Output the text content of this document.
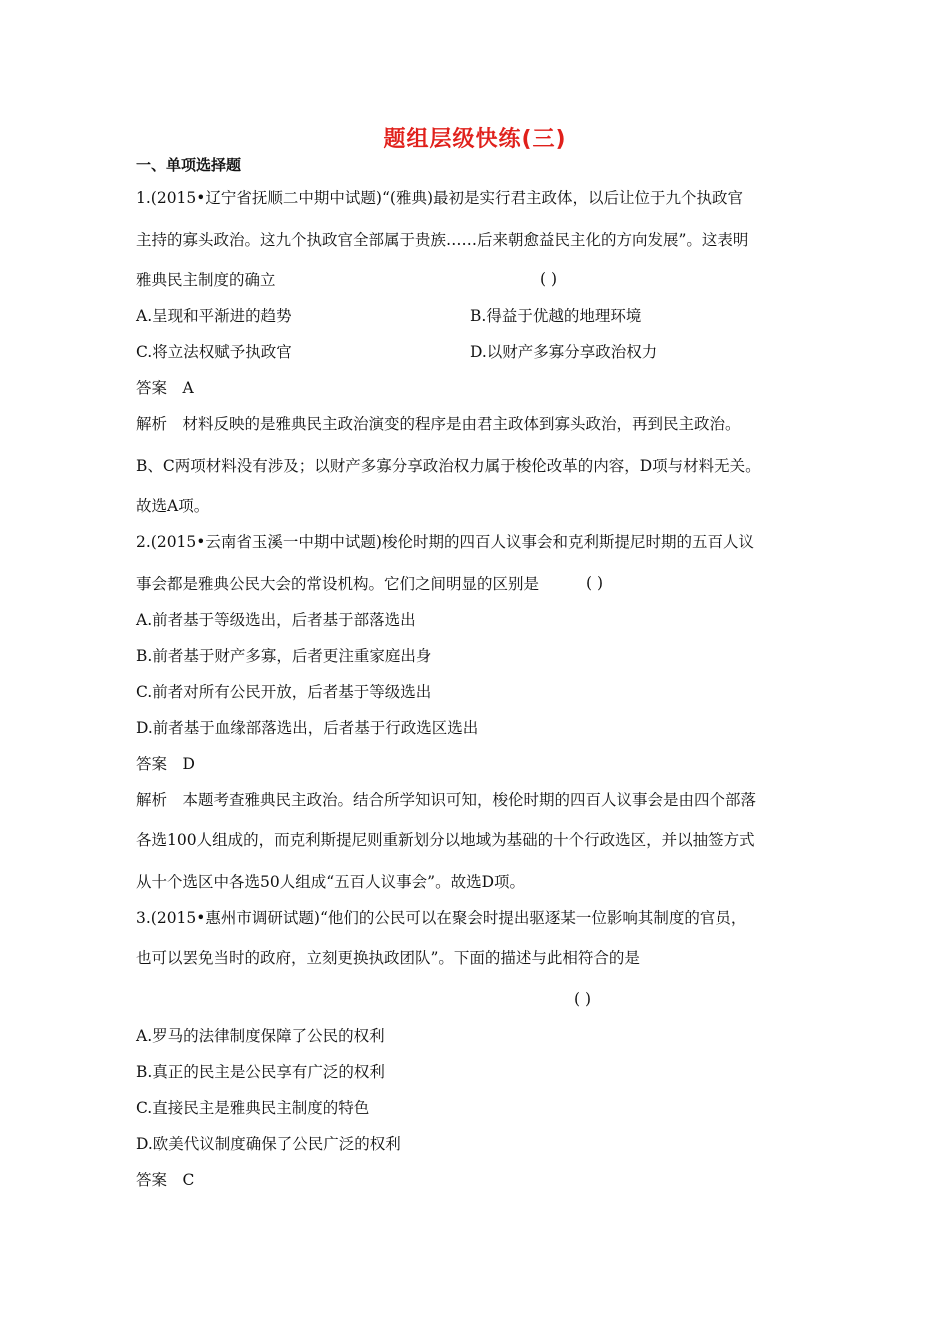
题组层级快练(三)
一、单项选择题
1.(2015•辽宁省抚顺二中期中试题)“(雅典)最初是实行君主政体，以后让位于九个执政官
主持的寡头政治。这九个执政官全部属于贵族……后来朝愈益民主化的方向发展”。这表明
雅典民主制度的确立	( )
A.呈现和平渐进的趋势	B.得益于优越的地理环境
C.将立法权赋予执政官	D.以财产多寡分享政治权力
答案　A
解析　材料反映的是雅典民主政治演变的程序是由君主政体到寡头政治，再到民主政治。
B、C两项材料没有涉及；以财产多寡分享政治权力属于梭伦改革的内容，D项与材料无关。
故选A项。
2.(2015•云南省玉溪一中期中试题)梭伦时期的四百人议事会和克利斯提尼时期的五百人议
事会都是雅典公民大会的常设机构。它们之间明显的区别是	( )
A.前者基于等级选出，后者基于部落选出
B.前者基于财产多寡，后者更注重家庭出身
C.前者对所有公民开放，后者基于等级选出
D.前者基于血缘部落选出，后者基于行政选区选出
答案　D
解析　本题考查雅典民主政治。结合所学知识可知，梭伦时期的四百人议事会是由四个部落
各选100人组成的，而克利斯提尼则重新划分以地域为基础的十个行政选区，并以抽签方式
从十个选区中各选50人组成“五百人议事会”。故选D项。
3.(2015•惠州市调研试题)“他们的公民可以在聚会时提出驱逐某一位影响其制度的官员，
也可以罢免当时的政府，立刻更换执政团队”。下面的描述与此相符合的是
( )
A.罗马的法律制度保障了公民的权利
B.真正的民主是公民享有广泛的权利
C.直接民主是雅典民主制度的特色
D.欧美代议制度确保了公民广泛的权利
答案　C
